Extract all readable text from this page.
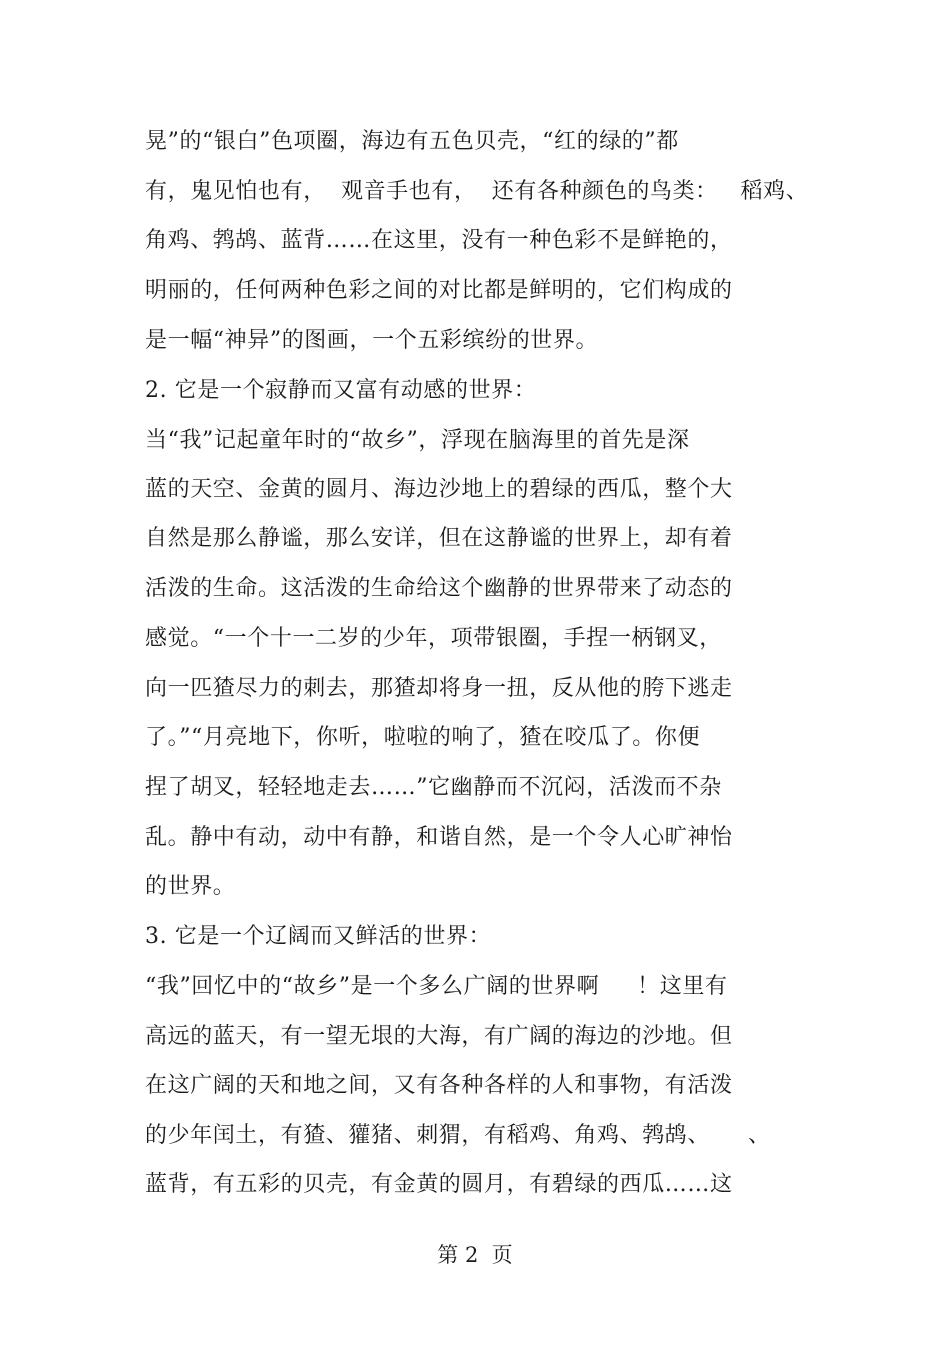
晃”的“银白”色项圈，海边有五色贝壳，“红的绿的”都
有，鬼见怕也有，  观音手也有，  还有各种颜色的鸟类：   稻鸡、
角鸡、鹁鸪、蓝背……在这里，没有一种色彩不是鲜艳的，
明丽的，任何两种色彩之间的对比都是鲜明的，它们构成的
是一幅“神异”的图画，一个五彩缤纷的世界。
2. 它是一个寂静而又富有动感的世界：
当“我”记起童年时的“故乡”，浮现在脑海里的首先是深
蓝的天空、金黄的圆月、海边沙地上的碧绿的西瓜，整个大
自然是那么静谧，那么安详，但在这静谧的世界上，却有着
活泼的生命。这活泼的生命给这个幽静的世界带来了动态的
感觉。“一个十一二岁的少年，项带银圈，手捏一柄钢叉，
向一匹猹尽力的刺去，那猹却将身一扭，反从他的胯下逃走
了。”“月亮地下，你听，啦啦的响了，猹在咬瓜了。你便
捏了胡叉，轻轻地走去……”它幽静而不沉闷，活泼而不杂
乱。静中有动，动中有静，和谐自然，是一个令人心旷神怡
的世界。
3. 它是一个辽阔而又鲜活的世界：
“我”回忆中的“故乡”是一个多么广阔的世界啊     ！这里有
高远的蓝天，有一望无垠的大海，有广阔的海边的沙地。但
在这广阔的天和地之间，又有各种各样的人和事物，有活泼
的少年闰土，有猹、獾猪、刺猬，有稻鸡、角鸡、鹁鸪、     、
蓝背，有五彩的贝壳，有金黄的圆月，有碧绿的西瓜……这
第 2  页
